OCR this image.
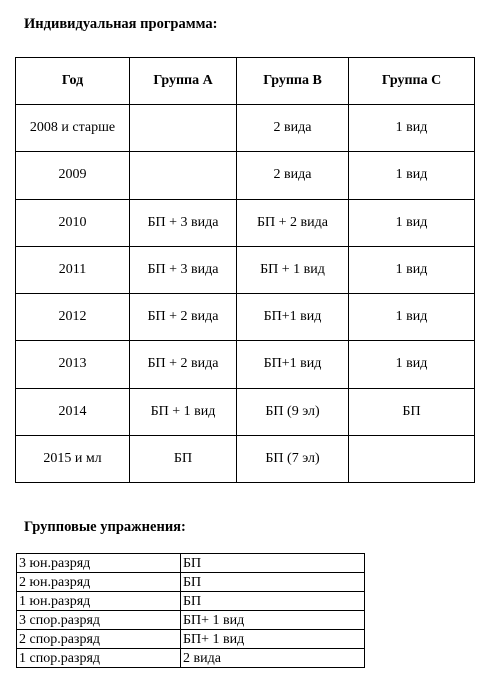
Индивидуальная программа:
Год	Группа А	Группа В	Группа С
2008 и старше		2 вида	1 вид
2009		2 вида	1 вид
2010	БП + 3 вида	БП + 2 вида	1 вид
2011	БП + 3 вида	БП + 1 вид	1 вид
2012	БП + 2 вида	БП+1 вид	1 вид
2013	БП + 2 вида	БП+1 вид	1 вид
2014	БП + 1 вид	БП (9 эл)	БП
2015 и мл	БП	БП (7 эл)	
Групповые упражнения:
3 юн.разряд	БП
2 юн.разряд	БП
1 юн.разряд	БП
3 спор.разряд	БП+ 1 вид
2 спор.разряд	БП+ 1 вид
1 спор.разряд	2 вида
